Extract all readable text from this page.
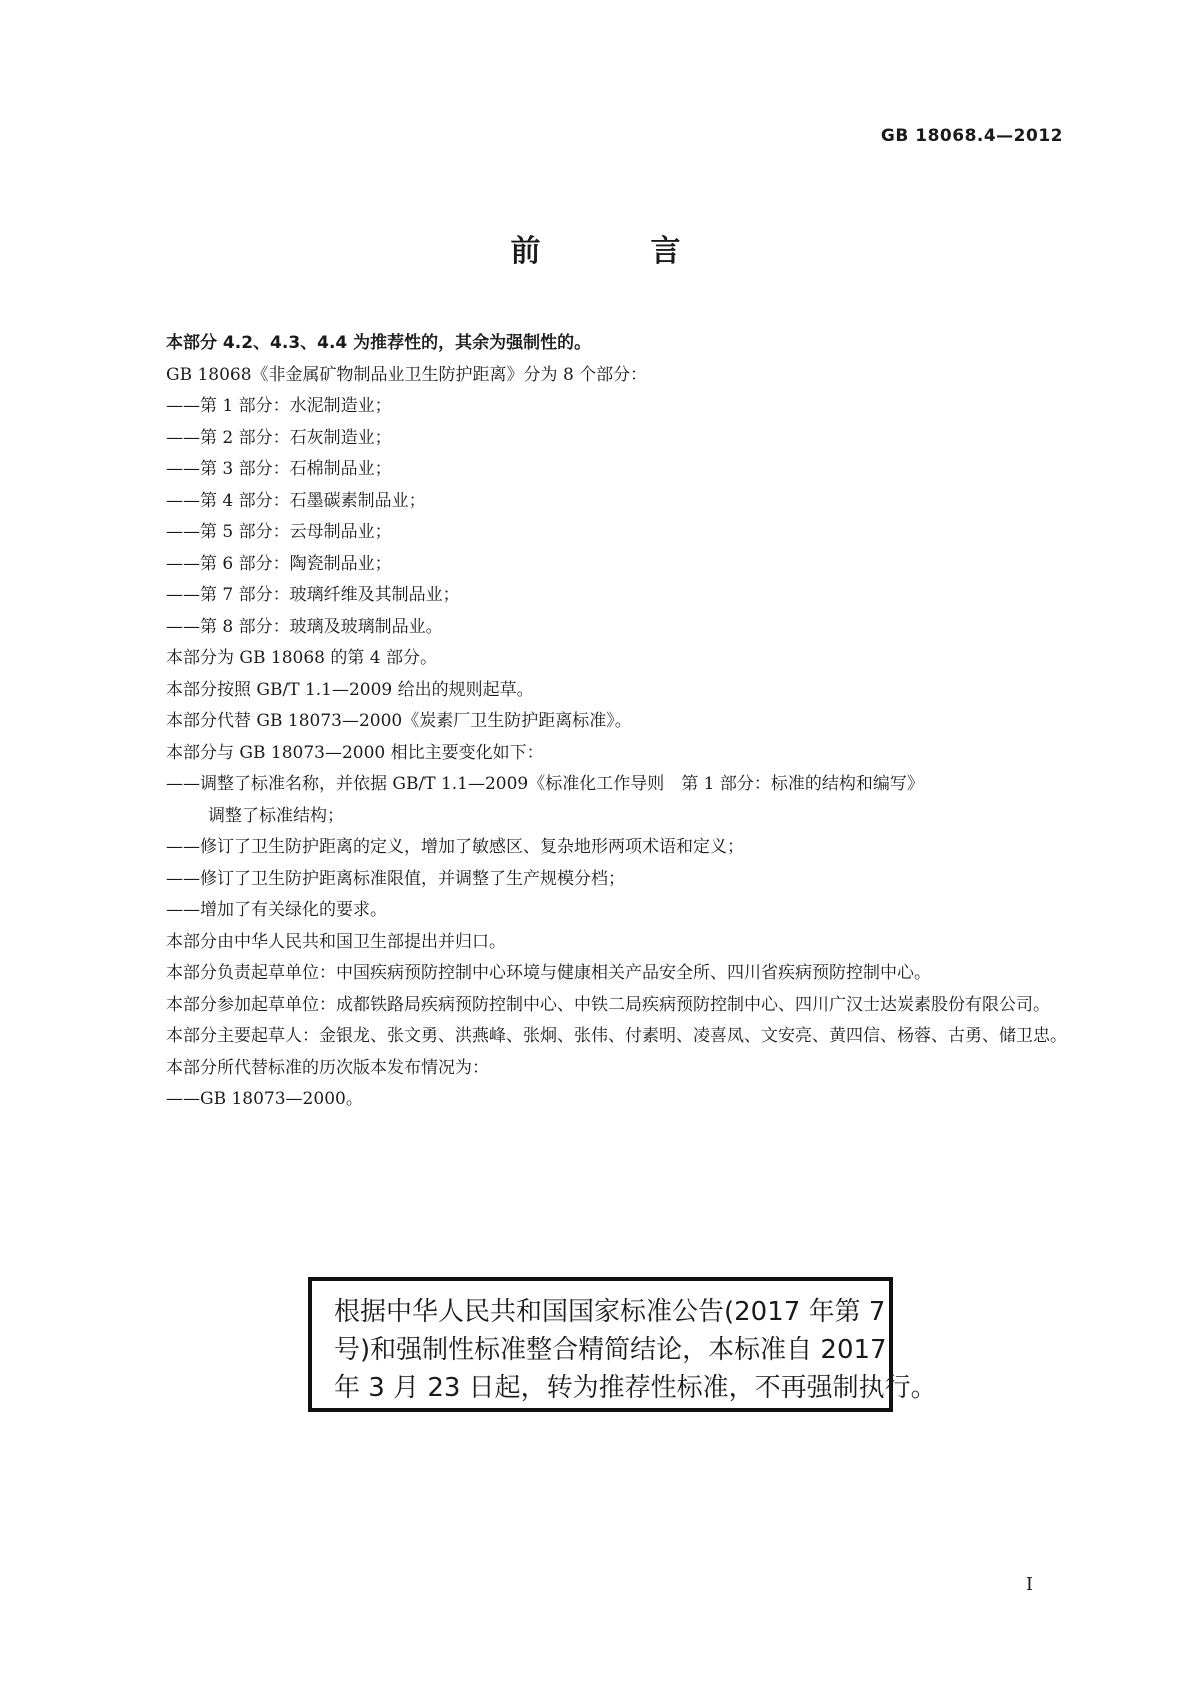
GB 18068.4—2012
前　言

本部分 4.2、4.3、4.4 为推荐性的，其余为强制性的。

GB 18068《非金属矿物制品业卫生防护距离》分为 8 个部分：

——第 1 部分：水泥制造业；

——第 2 部分：石灰制造业；

——第 3 部分：石棉制品业；

——第 4 部分：石墨碳素制品业；

——第 5 部分：云母制品业；

——第 6 部分：陶瓷制品业；

——第 7 部分：玻璃纤维及其制品业；

——第 8 部分：玻璃及玻璃制品业。

本部分为 GB 18068 的第 4 部分。

本部分按照 GB/T 1.1—2009 给出的规则起草。

本部分代替 GB 18073—2000《炭素厂卫生防护距离标准》。

本部分与 GB 18073—2000 相比主要变化如下：

——调整了标准名称，并依据 GB/T 1.1—2009《标准化工作导则　第 1 部分：标准的结构和编写》
调整了标准结构；

——修订了卫生防护距离的定义，增加了敏感区、复杂地形两项术语和定义；

——修订了卫生防护距离标准限值，并调整了生产规模分档；

——增加了有关绿化的要求。

本部分由中华人民共和国卫生部提出并归口。

本部分负责起草单位：中国疾病预防控制中心环境与健康相关产品安全所、四川省疾病预防控制中心。

本部分参加起草单位：成都铁路局疾病预防控制中心、中铁二局疾病预防控制中心、四川广汉士达炭素股份有限公司。

本部分主要起草人：金银龙、张文勇、洪燕峰、张炯、张伟、付素明、凌喜凤、文安亮、黄四信、杨蓉、古勇、储卫忠。

本部分所代替标准的历次版本发布情况为：

——GB 18073—2000。

根据中华人民共和国国家标准公告(2017 年第 7
号)和强制性标准整合精简结论，本标准自 2017
年 3 月 23 日起，转为推荐性标准，不再强制执行。
I
